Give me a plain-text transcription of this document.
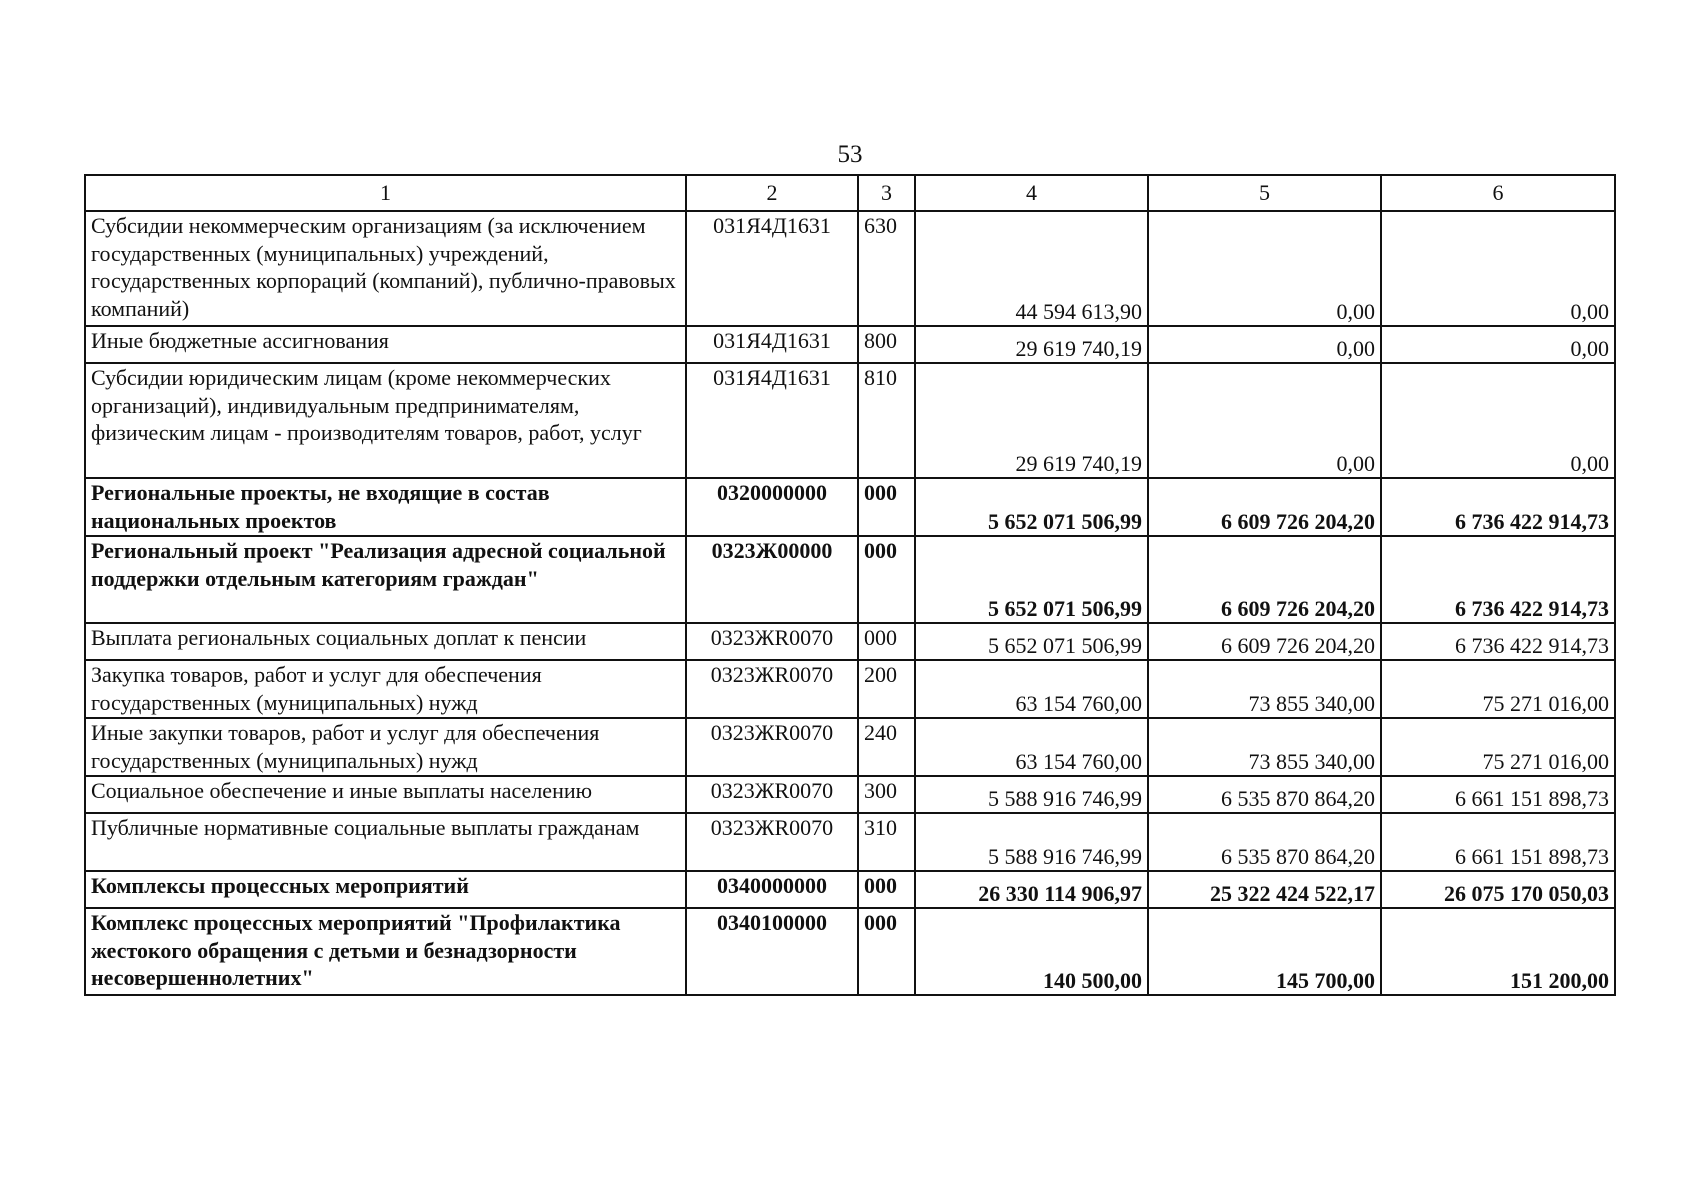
53
1	2	3	4	5	6
Субсидии некоммерческим организациям (за исключением государственных (муниципальных) учреждений, государственных корпораций (компаний), публично-правовых компаний)	031Я4Д1631	630	44 594 613,90	0,00	0,00
Иные бюджетные ассигнования	031Я4Д1631	800	29 619 740,19	0,00	0,00
Субсидии юридическим лицам (кроме некоммерческих организаций), индивидуальным предпринимателям, физическим лицам - производителям товаров, работ, услуг	031Я4Д1631	810	29 619 740,19	0,00	0,00
Региональные проекты, не входящие в состав национальных проектов	0320000000	000	5 652 071 506,99	6 609 726 204,20	6 736 422 914,73
Региональный проект "Реализация адресной социальной поддержки отдельным категориям граждан"	0323Ж00000	000	5 652 071 506,99	6 609 726 204,20	6 736 422 914,73
Выплата региональных социальных доплат к пенсии	0323ЖR0070	000	5 652 071 506,99	6 609 726 204,20	6 736 422 914,73
Закупка товаров, работ и услуг для обеспечения государственных (муниципальных) нужд	0323ЖR0070	200	63 154 760,00	73 855 340,00	75 271 016,00
Иные закупки товаров, работ и услуг для обеспечения государственных (муниципальных) нужд	0323ЖR0070	240	63 154 760,00	73 855 340,00	75 271 016,00
Социальное обеспечение и иные выплаты населению	0323ЖR0070	300	5 588 916 746,99	6 535 870 864,20	6 661 151 898,73
Публичные нормативные социальные выплаты гражданам	0323ЖR0070	310	5 588 916 746,99	6 535 870 864,20	6 661 151 898,73
Комплексы процессных мероприятий	0340000000	000	26 330 114 906,97	25 322 424 522,17	26 075 170 050,03
Комплекс процессных мероприятий "Профилактика жестокого обращения с детьми и безнадзорности несовершеннолетних"	0340100000	000	140 500,00	145 700,00	151 200,00
